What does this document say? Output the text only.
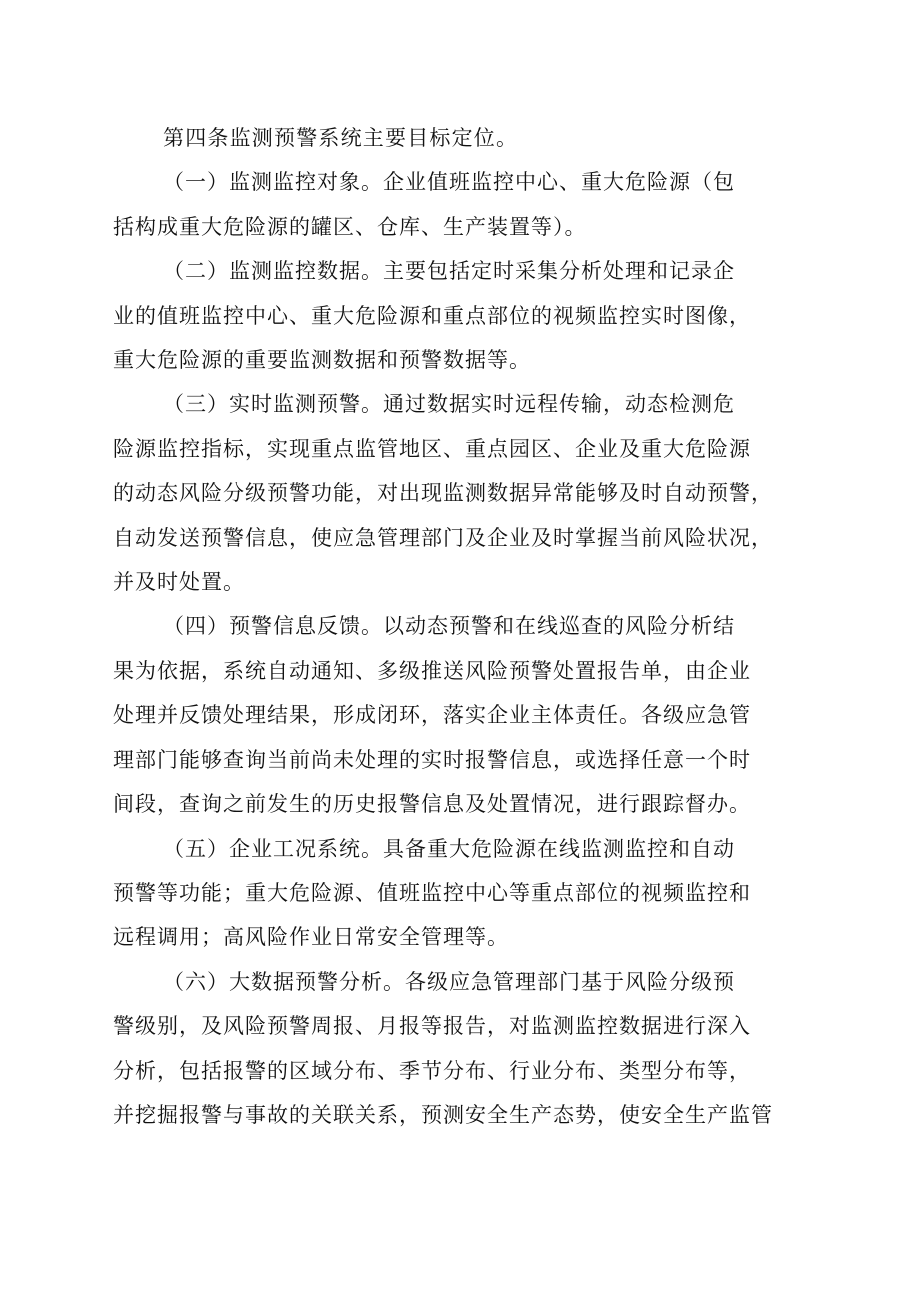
第四条监测预警系统主要目标定位。
（一）监测监控对象。企业值班监控中心、重大危险源（包
括构成重大危险源的罐区、仓库、生产装置等）。
（二）监测监控数据。主要包括定时采集分析处理和记录企
业的值班监控中心、重大危险源和重点部位的视频监控实时图像，
重大危险源的重要监测数据和预警数据等。
（三）实时监测预警。通过数据实时远程传输，动态检测危
险源监控指标，实现重点监管地区、重点园区、企业及重大危险源
的动态风险分级预警功能，对出现监测数据异常能够及时自动预警，
自动发送预警信息，使应急管理部门及企业及时掌握当前风险状况，
并及时处置。
（四）预警信息反馈。以动态预警和在线巡查的风险分析结
果为依据，系统自动通知、多级推送风险预警处置报告单，由企业
处理并反馈处理结果，形成闭环，落实企业主体责任。各级应急管
理部门能够查询当前尚未处理的实时报警信息，或选择任意一个时
间段，查询之前发生的历史报警信息及处置情况，进行跟踪督办。
（五）企业工况系统。具备重大危险源在线监测监控和自动
预警等功能；重大危险源、值班监控中心等重点部位的视频监控和
远程调用；高风险作业日常安全管理等。
（六）大数据预警分析。各级应急管理部门基于风险分级预
警级别，及风险预警周报、月报等报告，对监测监控数据进行深入
分析，包括报警的区域分布、季节分布、行业分布、类型分布等，
并挖掘报警与事故的关联关系，预测安全生产态势，使安全生产监管
